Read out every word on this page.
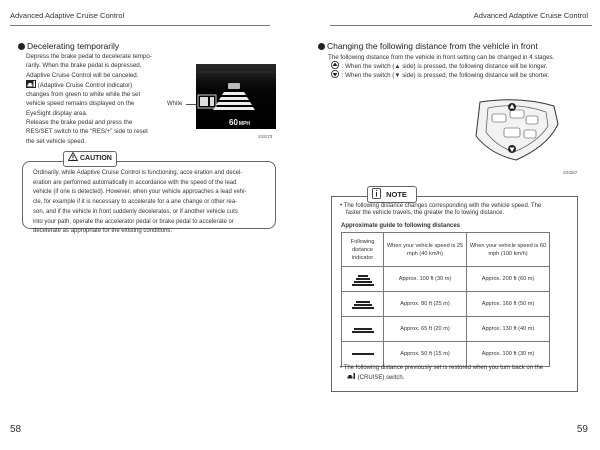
Advanced Adaptive Cruise Control	Advanced Adaptive Cruise Control
Decelerating temporarily
Depress the brake pedal to decelerate tempo-
rarily. When the brake pedal is depressed,
Adaptive Cruise Control will be canceled.
(Adaptive Cruise Control indicator)
changes from green to white while the set
vehicle speed remains displayed on the
EyeSight display area.
Release the brake pedal and press the
RES/SET switch to the “RES/+” side to reset
the set vehicle speed.
White
60MPH
S3I173
CAUTION
Ordinarily, while Adaptive Cruise Control is functioning, acce eration and decel-
eration are performed automatically in accordance with the speed of the lead
vehicle (if one is detected). However, when your vehicle approaches a lead vehi-
cle, for example if it is necessary to accelerate for a ane change or other rea-
son, and if the vehicle in front suddenly decelerates, or if another vehicle cuts
into your path, operate the accelerator pedal or brake pedal to accelerate or
decelerate as appropriate for the existing conditions.
58
Changing the following distance from the vehicle in front
The following distance from the vehicle in front setting can be changed in 4 stages.
: When the switch (▲ side) is pressed, the following distance will be longer.
: When the switch (▼ side) is pressed, the following distance will be shorter.
S3I287
NOTE
• The following distance changes corresponding with the vehicle speed. The
faster the vehicle travels, the greater the fo lowing distance.
Approximate guide to following distances
Following distance indicator	When your vehicle speed is 25 mph (40 km/h)	When your vehicle speed is 60 mph (100 km/h)

	Approx. 100 ft (30 m)	Approx. 200 ft (60 m)

	Approx. 80 ft (25 m)	Approx. 160 ft (50 m)

	Approx. 65 ft (20 m)	Approx. 130 ft (40 m)

	Approx. 50 ft (15 m)	Approx. 100 ft (30 m)
• The following distance previously set is restored when you turn back on the
(CRUISE) switch.
59
